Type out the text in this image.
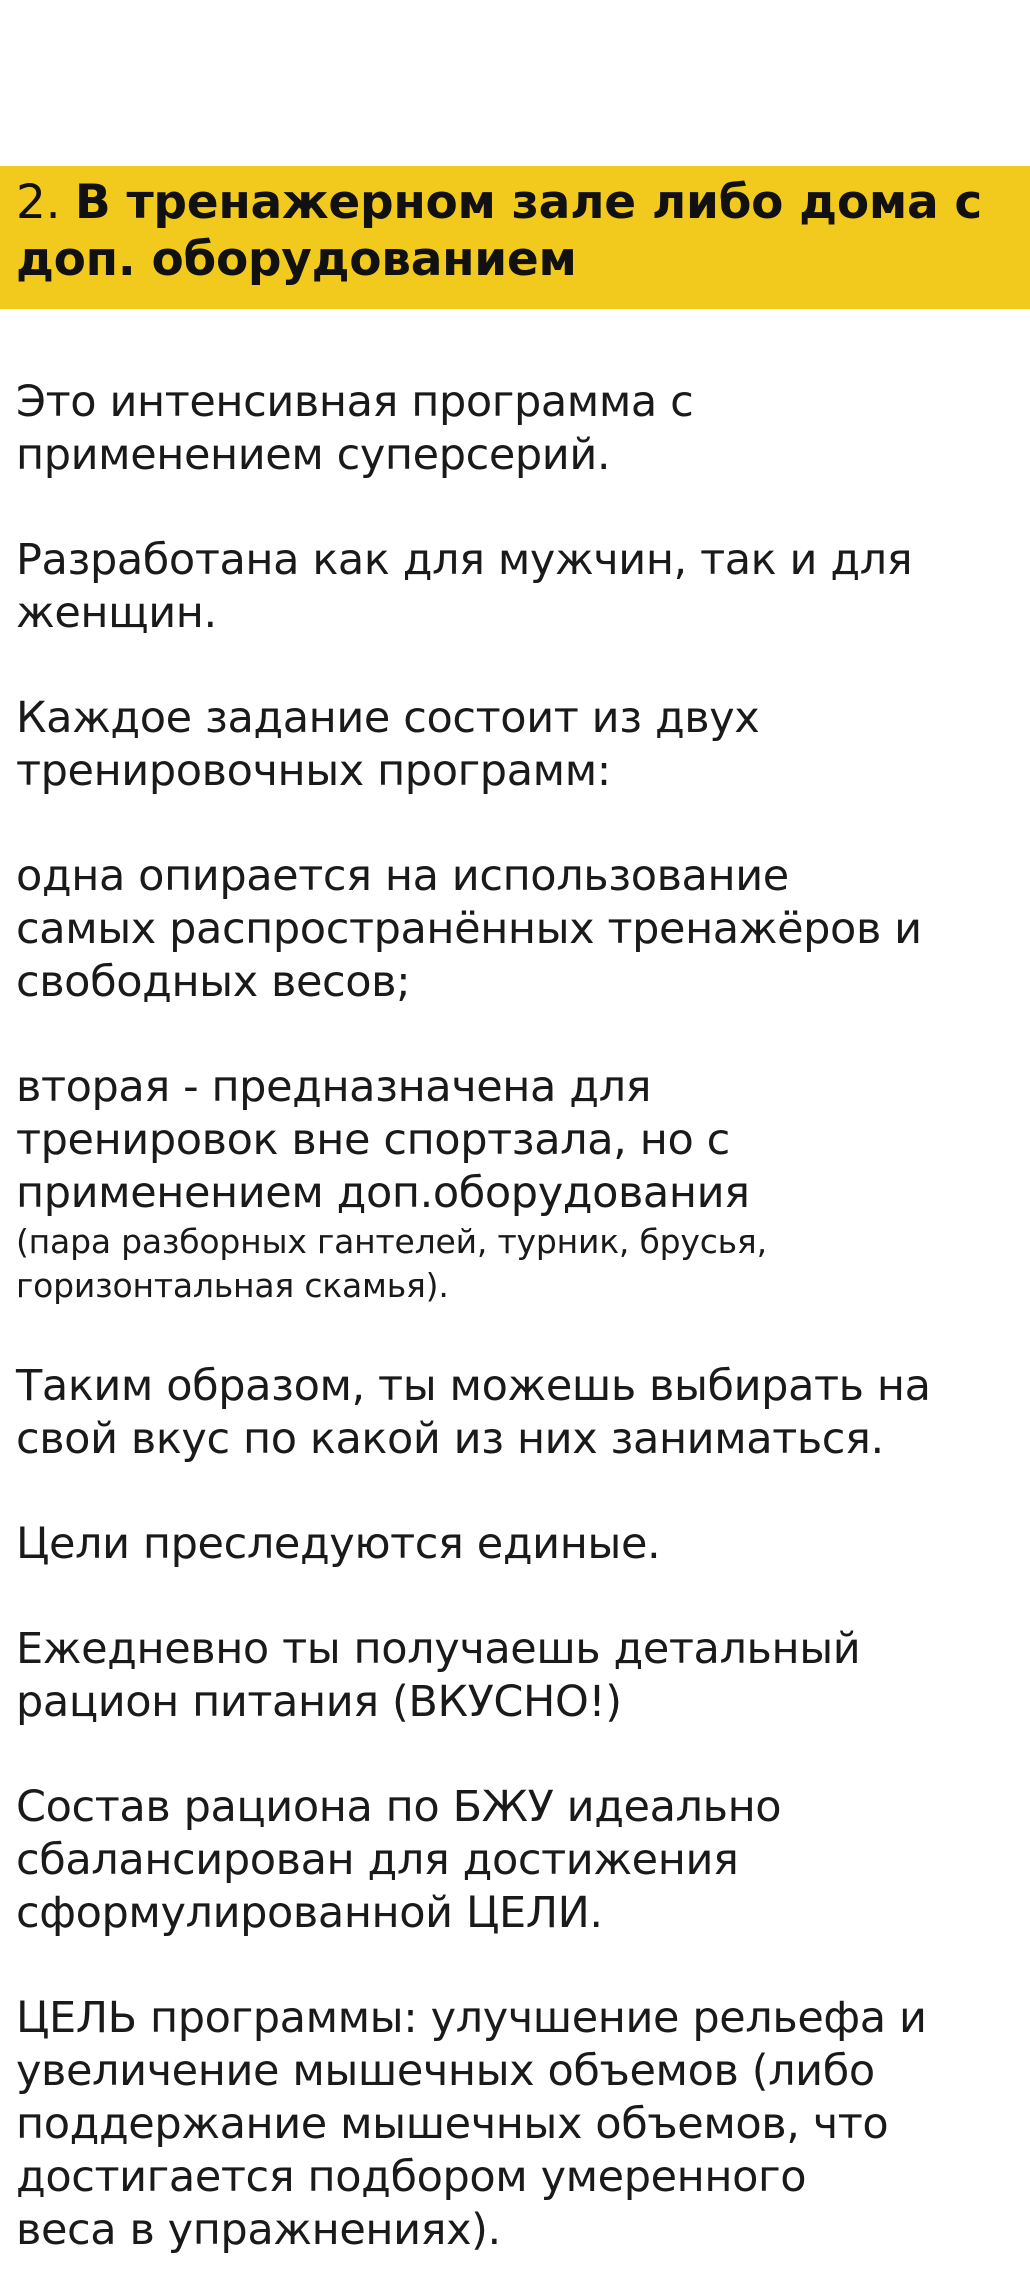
2. В тренажерном зале либо дома с доп. оборудованием

Это интенсивная программа с
применением суперсерий.

Разработана как для мужчин, так и для
женщин.

Каждое задание состоит из двух
тренировочных программ:

одна опирается на использование
самых распространённых тренажёров и
свободных весов;

вторая - предназначена для
тренировок вне спортзала, но с
применением доп.оборудования
(пара разборных гантелей, турник, брусья,
горизонтальная скамья).

Таким образом, ты можешь выбирать на
свой вкус по какой из них заниматься.

Цели преследуются единые.

Ежедневно ты получаешь детальный
рацион питания (ВКУСНО!)

Состав рациона по БЖУ идеально
сбалансирован для достижения
сформулированной ЦЕЛИ.

ЦЕЛЬ программы: улучшение рельефа и
увеличение мышечных объемов (либо
поддержание мышечных объемов, что
достигается подбором умеренного
веса в упражнениях).
